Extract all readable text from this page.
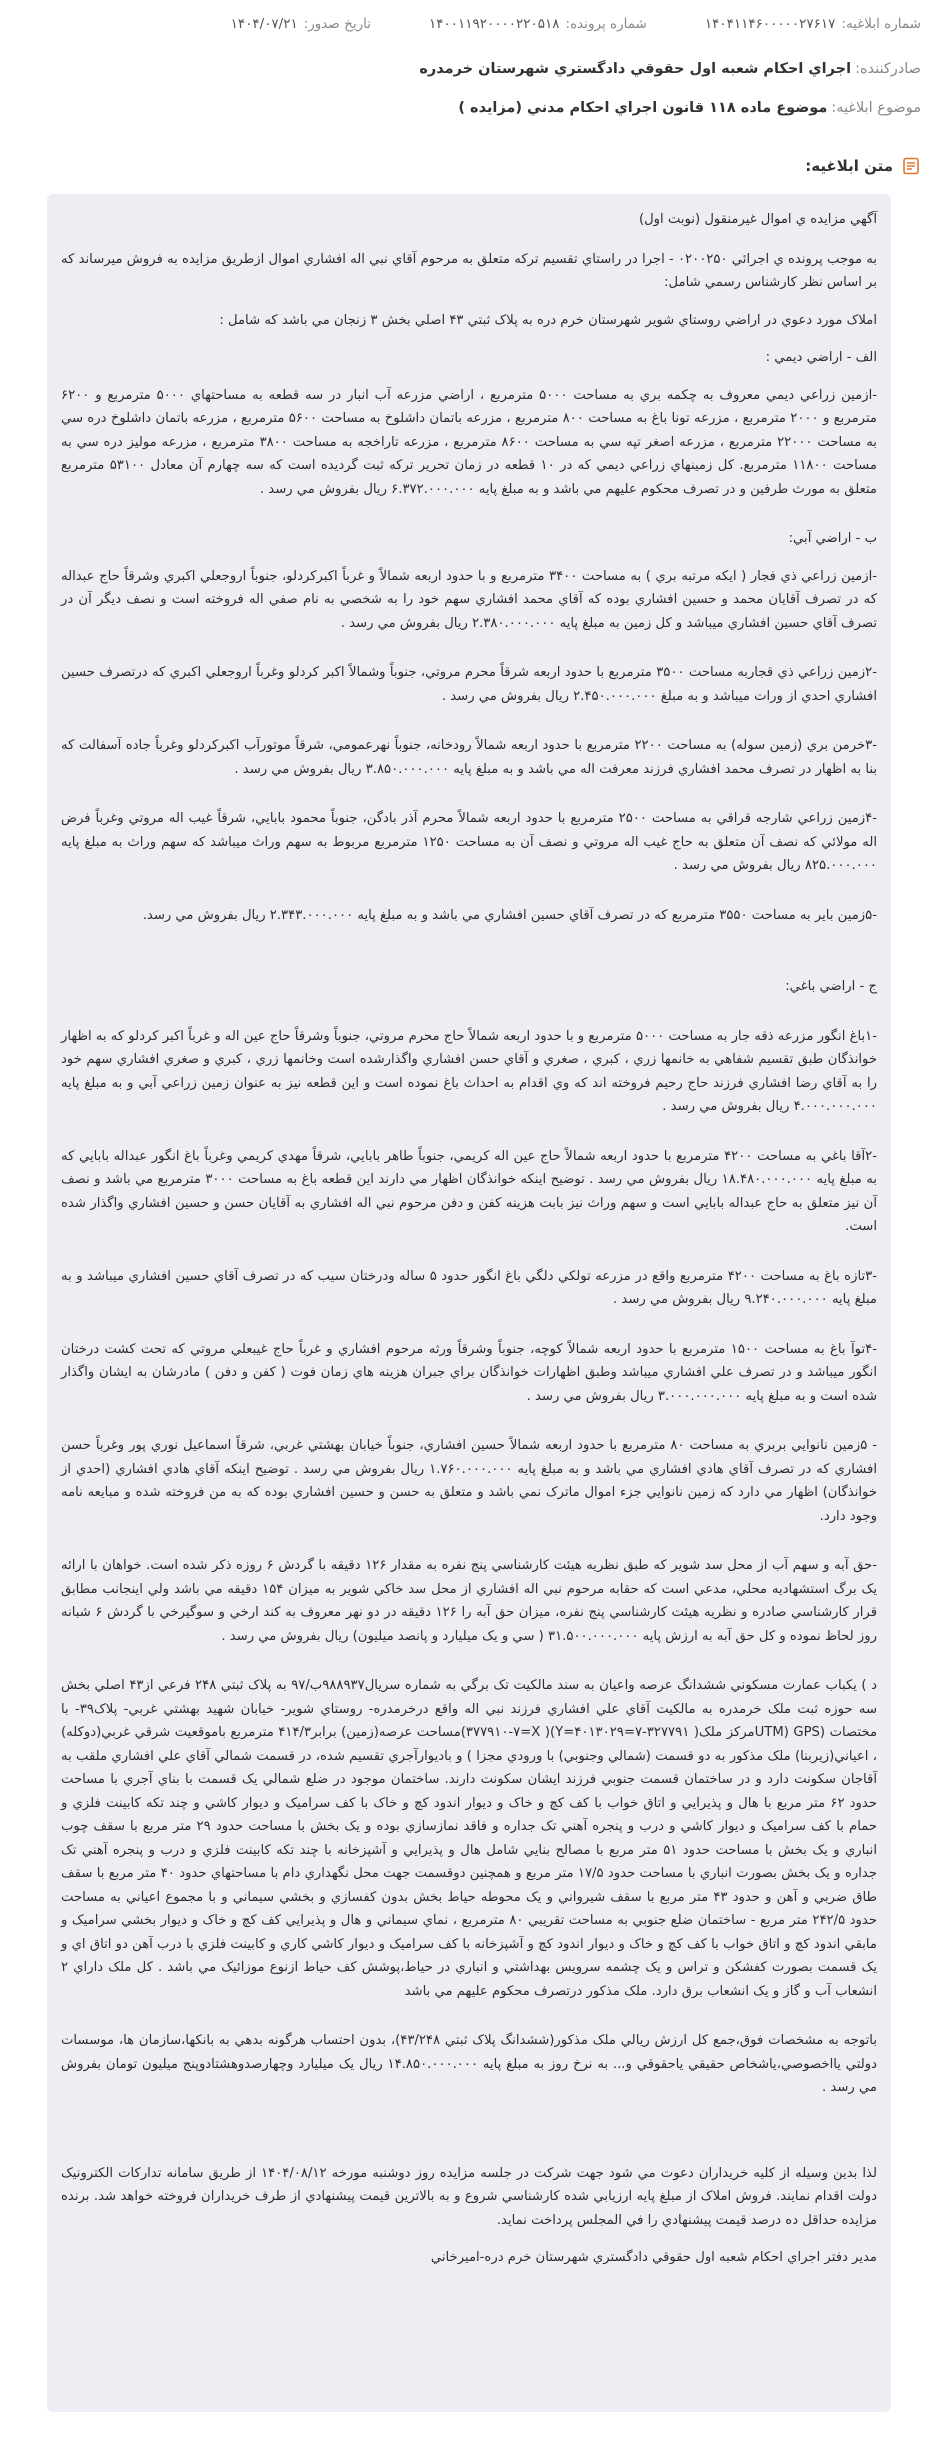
شماره ابلاغيه:۱۴۰۴۱۱۴۶۰۰۰۰۰۲۷۶۱۷
شماره پرونده:۱۴۰۰۱۱۹۲۰۰۰۰۲۲۰۵۱۸
تاريخ صدور:۱۴۰۴/۰۷/۲۱
صادرکننده:اجراي احکام شعبه اول حقوقي دادگستري شهرستان خرمدره
موضوع ابلاغيه:موضوع ماده ۱۱۸ قانون اجراي احکام مدني (مزايده )
متن ابلاغيه:

آگهي مزايده ي اموال غيرمنقول (نوبت اول)

به موجب پرونده ي اجرائي ۰۲۰۰۲۵۰ - اجرا در راستاي تقسيم ترکه متعلق به مرحوم آقاي نبي اله افشاري اموال ازطريق مزايده به فروش ميرساند که بر اساس نظر کارشناس رسمي شامل:

املاک مورد دعوي در اراضي روستاي شوير شهرستان خرم دره به پلاک ثبتي ۴۳ اصلي بخش ۳ زنجان مي باشد که شامل :

الف - اراضي ديمي :

-ازمين زراعي ديمي معروف به چکمه بري به مساحت ۵۰۰۰ مترمربع ، اراضي مزرعه آب انبار در سه قطعه به مساحتهاي ۵۰۰۰ مترمربع و ۶۲۰۰ مترمربع و ۲۰۰۰ مترمربع ، مزرعه تونا باغ به مساحت ۸۰۰ مترمربع ، مزرعه باتمان داشلوخ به مساحت ۵۶۰۰ مترمربع ، مزرعه باتمان داشلوخ دره سي به مساحت ۲۲۰۰۰ مترمربع ، مزرعه اصغر تپه سي به مساحت ۸۶۰۰ مترمربع ، مزرعه تاراخجه به مساحت ۳۸۰۰ مترمربع ، مزرعه موليز دره سي به مساحت ۱۱۸۰۰ مترمربع. کل زمينهاي زراعي ديمي که در ۱۰ قطعه در زمان تحرير ترکه ثبت گرديده است که سه چهارم آن معادل ۵۳۱۰۰ مترمربع متعلق به مورث طرفين و در تصرف محکوم عليهم مي باشد و به مبلغ پايه ۶.۳۷۲.۰۰۰.۰۰۰ ريال بفروش مي رسد .

ب - اراضي آبي:

-ازمين زراعي ذي فجار ( ايکه مرتبه بري ) به مساحت ۳۴۰۰ مترمربع و با حدود اربعه شمالاً و غرباً اکبرکردلو، جنوباً اروجعلي اکبري وشرقاً حاج عبداله که در تصرف آقايان محمد و حسين افشاري بوده که آقاي محمد افشاري سهم خود را به شخصي به نام صفي اله فروخته است و نصف ديگر آن در تصرف آقاي حسين افشاري ميباشد و کل زمين به مبلغ پايه ۲.۳۸۰.۰۰۰.۰۰۰ ريال بفروش مي رسد .

-۲زمين زراعي ذي قجاربه مساحت ۳۵۰۰ مترمربع با حدود اربعه شرقاً محرم مروتي، جنوباً وشمالاً اکبر کردلو وغرباً اروجعلي اکبري که درتصرف حسين افشاري احدي از ورات ميباشد و به مبلغ ۲.۴۵۰.۰۰۰.۰۰۰ ريال بفروش مي رسد .

-۳خرمن بري (زمين سوله) به مساحت ۲۲۰۰ مترمربع با حدود اربعه شمالاً رودخانه، جنوباً نهرعمومي، شرقاً موتورآب اکبرکردلو وغرباً جاده آسفالت که بنا به اظهار در تصرف محمد افشاري فرزند معرفت اله مي باشد و به مبلغ پايه ۳.۸۵۰.۰۰۰.۰۰۰ ريال بفروش مي رسد .

-۴زمين زراعي شارجه قراقي به مساحت ۲۵۰۰ مترمربع با حدود اربعه شمالاً محرم آذر بادگن، جنوباً محمود بابايي، شرقاً غيب اله مروتي وغرباً فرض اله مولائي که نصف آن متعلق به حاج غيب اله مروتي و نصف آن به مساحت ۱۲۵۰ مترمربع مربوط به سهم وراث ميباشد که سهم وراث به مبلغ پايه ۸۲۵.۰۰۰.۰۰۰ ريال بفروش مي رسد .

-۵زمين باير به مساحت ۳۵۵۰ مترمربع که در تصرف آقاي حسين افشاري مي باشد و به مبلغ پايه ۲.۳۴۳.۰۰۰.۰۰۰ ريال بفروش مي رسد.

ج - اراضي باغي:

-۱باغ انگور مزرعه ذقه جار به مساحت ۵۰۰۰ مترمربع و با حدود اربعه شمالاً حاج محرم مروتي، جنوباً وشرقاً حاج عين اله و غرباً اکبر کردلو که به اظهار خوانذگان طبق تقسيم شفاهي به خانمها زري ، کبري ، صغري و آقاي حسن افشاري واگذارشده است وخانمها زري ، کبري و صغري افشاري سهم خود را به آقاي رضا افشاري فرزند حاج رحيم فروخته اند که وي اقدام به احداث باغ نموده است و اين قطعه نيز به عنوان زمين زراعي آبي و به مبلغ پايه ۴.۰۰۰.۰۰۰.۰۰۰ ريال بفروش مي رسد .

-۲آقا باغي به مساحت ۴۲۰۰ مترمربع با حدود اربعه شمالاً حاج عين اله کريمي، جنوباً طاهر بابايي، شرقاً مهدي کريمي وغرباً باغ انگور عبداله بابايي که به مبلغ پايه ۱۸.۴۸۰.۰۰۰.۰۰۰ ريال بفروش مي رسد . توضيح اينکه خوانذگان اظهار مي دارند اين قطعه باغ به مساحت ۳۰۰۰ مترمربع مي باشد و نصف آن نيز متعلق به حاج عبداله بابايي است و سهم وراث نيز بابت هزينه کفن و دفن مرحوم نبي اله افشاري به آقايان حسن و حسين افشاري واگذار شده است.

-۳تازه باغ به مساحت ۴۲۰۰ مترمربع واقع در مزرعه تولکي دلگي باغ انگور حدود ۵ ساله ودرختان سيب که در تصرف آقاي حسين افشاري ميباشد و به مبلغ پايه ۹.۲۴۰.۰۰۰.۰۰۰ ريال بفروش مي رسد .

-۴توآ باغ به مساحت ۱۵۰۰ مترمربع با حدود اربعه شمالاً کوچه، جنوباً وشرقاً ورثه مرحوم افشاري و غرباً حاج غيبعلي مروتي که تحت کشت درختان انگور ميباشد و در تصرف علي افشاري ميباشد وطبق اظهارات خوانذگان براي جبران هزينه هاي زمان فوت ( کفن و دفن ) مادرشان به ايشان واگذار شده است و به مبلغ پايه ۳.۰۰۰.۰۰۰.۰۰۰ ريال بفروش مي رسد .

- ۵زمين نانوايي بربري به مساحت ۸۰ مترمربع با حدود اربعه شمالاً حسين افشاري، جنوباً خيابان بهشتي غربي، شرقاً اسماعيل نوري پور وغرباً حسن افشاري که در تصرف آقاي هادي افشاري مي باشد و به مبلغ پايه ۱.۷۶۰.۰۰۰.۰۰۰ ريال بفروش مي رسد . توضيح اينکه آقاي هادي افشاري (احدي از خوانذگان) اظهار مي دارد که زمين نانوايي جزء اموال ماترک نمي باشد و متعلق به حسن و حسين افشاري بوده که به من فروخته شده و مبايعه نامه وجود دارد.

-حق آبه و سهم آب از محل سد شوير که طبق نظريه هيئت کارشناسي پنج نفره به مقدار ۱۲۶ دقيقه با گردش ۶ روزه ذکر شده است. خواهان با ارائه يک برگ استشهاديه محلي، مدعي است که حقابه مرحوم نبي اله افشاري از محل سد خاکي شوير به ميزان ۱۵۴ دقيقه مي باشد ولي اينجانب مطابق قرار کارشناسي صادره و نظريه هيئت کارشناسي پنج نفره، ميزان حق آبه را ۱۲۶ دقيقه در دو نهر معروف به کند ارخي و سوگيرخي با گردش ۶ شبانه روز لحاظ نموده و کل حق آبه به ارزش پايه ۳۱.۵۰۰.۰۰۰.۰۰۰ ( سي و يک ميليارد و پانصد ميليون) ريال بفروش مي رسد .

د ) يکباب عمارت مسکوني ششدانگ عرصه واعيان به سند مالکيت تک برگي به شماره سريال۹۸۸۹۳۷ب/۹۷ به پلاک ثبتي ۲۴۸ فرعي از۴۳ اصلي بخش سه حوزه ثبت ملک خرمدره به مالکيت آقاي علي افشاري فرزند نبي اله واقع درخرمدره- روستاي شوير- خيابان شهيد بهشتي غربي- پلاک۳۹- با مختصات (GPS (UTMمرکز ملک( ۳۲۷۷۹۱-۷=۴۰۱۳۰۲۹=Y)( ۳۷۷۹۱۰-۷=X)مساحت عرصه(زمين) برابر۴۱۴/۳ مترمربع باموقعيت شرقي غربي(دوکله) ، اعياني(زيربنا) ملک مذکور به دو قسمت (شمالي وجنوبي) با ورودي مجزا ) و باديوارآجري تقسيم شده، در قسمت شمالي آقاي علي افشاري ملقب به آقاجان سکونت دارد و در ساختمان قسمت جنوبي فرزند ايشان سکونت دارند. ساختمان موجود در ضلع شمالي يک قسمت با بناي آجري با مساحت حدود ۶۲ متر مربع با هال و پذيرايي و اتاق خواب با کف کچ و خاک و ديوار اندود کچ و خاک با کف سراميک و ديوار کاشي و چند تکه کابينت فلزي و حمام با کف سراميک و ديوار کاشي و درب و پنجره آهني تک جداره و فاقد نمازسازي بوده و يک بخش با مساحت حدود ۲۹ متر مربع با سقف چوب انباري و يک بخش با مساحت حدود ۵۱ متر مربع با مصالح بنايي شامل هال و پذيرايي و آشپزخانه با چند تکه کابينت فلزي و درب و پنجره آهني تک جداره و يک بخش بصورت انباري با مساحت حدود ۱۷/۵ متر مربع و همچنين دوقسمت جهت محل نگهداري دام با مساحتهاي حدود ۴۰ متر مربع با سقف طاق ضربي و آهن و حدود ۴۳ متر مربع با سقف شيرواني و يک محوطه حياط بخش بدون کفسازي و بخشي سيماني و با مجموع اعياني به مساحت حدود ۲۴۲/۵ متر مربع - ساختمان ضلع جنوبي به مساحت تقريبي ۸۰ مترمربع ، نماي سيماني و هال و پذيرايي کف کچ و خاک و ديوار بخشي سراميک و مابقي اندود کچ و اتاق خواب با کف کچ و خاک و ديوار اندود کچ و آشپزخانه با کف سراميک و ديوار کاشي کاري و کابينت فلزي با درب آهن دو اتاق اي و يک قسمت بصورت کفشکن و تراس و يک چشمه سرويس بهداشتي و انباري در حياط،پوشش کف حياط ازنوع موزائيک مي باشد . کل ملک داراي ۲ انشعاب آب و گاز و يک انشعاب برق دارد. ملک مذکور درتصرف محکوم عليهم مي باشد

باتوجه به مشخصات فوق،جمع کل ارزش ريالي ملک مذکور(ششدانگ پلاک ثبتي ۴۳/۲۴۸)، بدون احتساب هرگونه بدهي به بانکها،سازمان ها، موسسات دولتي يااخصوصي،ياشخاص حقيقي ياحقوقي و... به نرخ روز به مبلغ پايه ۱۴.۸۵۰.۰۰۰.۰۰۰ ريال يک ميليارد وچهارصدوهشتادوپنج ميليون تومان بفروش مي رسد .

لذا بدين وسيله از کليه خريداران دعوت مي شود جهت شرکت در جلسه مزايده روز دوشنبه مورخه ۱۴۰۴/۰۸/۱۲ از طريق سامانه تدارکات الکترونيک دولت اقدام نمايند. فروش املاک از مبلغ پايه ارزيابي شده کارشناسي شروع و به بالاترين قيمت پيشنهادي از طرف خريداران فروخته خواهد شد. برنده مزايده حداقل ده درصد قيمت پيشنهادي را في المجلس پرداخت نمايد.

مدير دفتر اجراي احکام شعبه اول حقوقي دادگستري شهرستان خرم دره-اميرخاني
